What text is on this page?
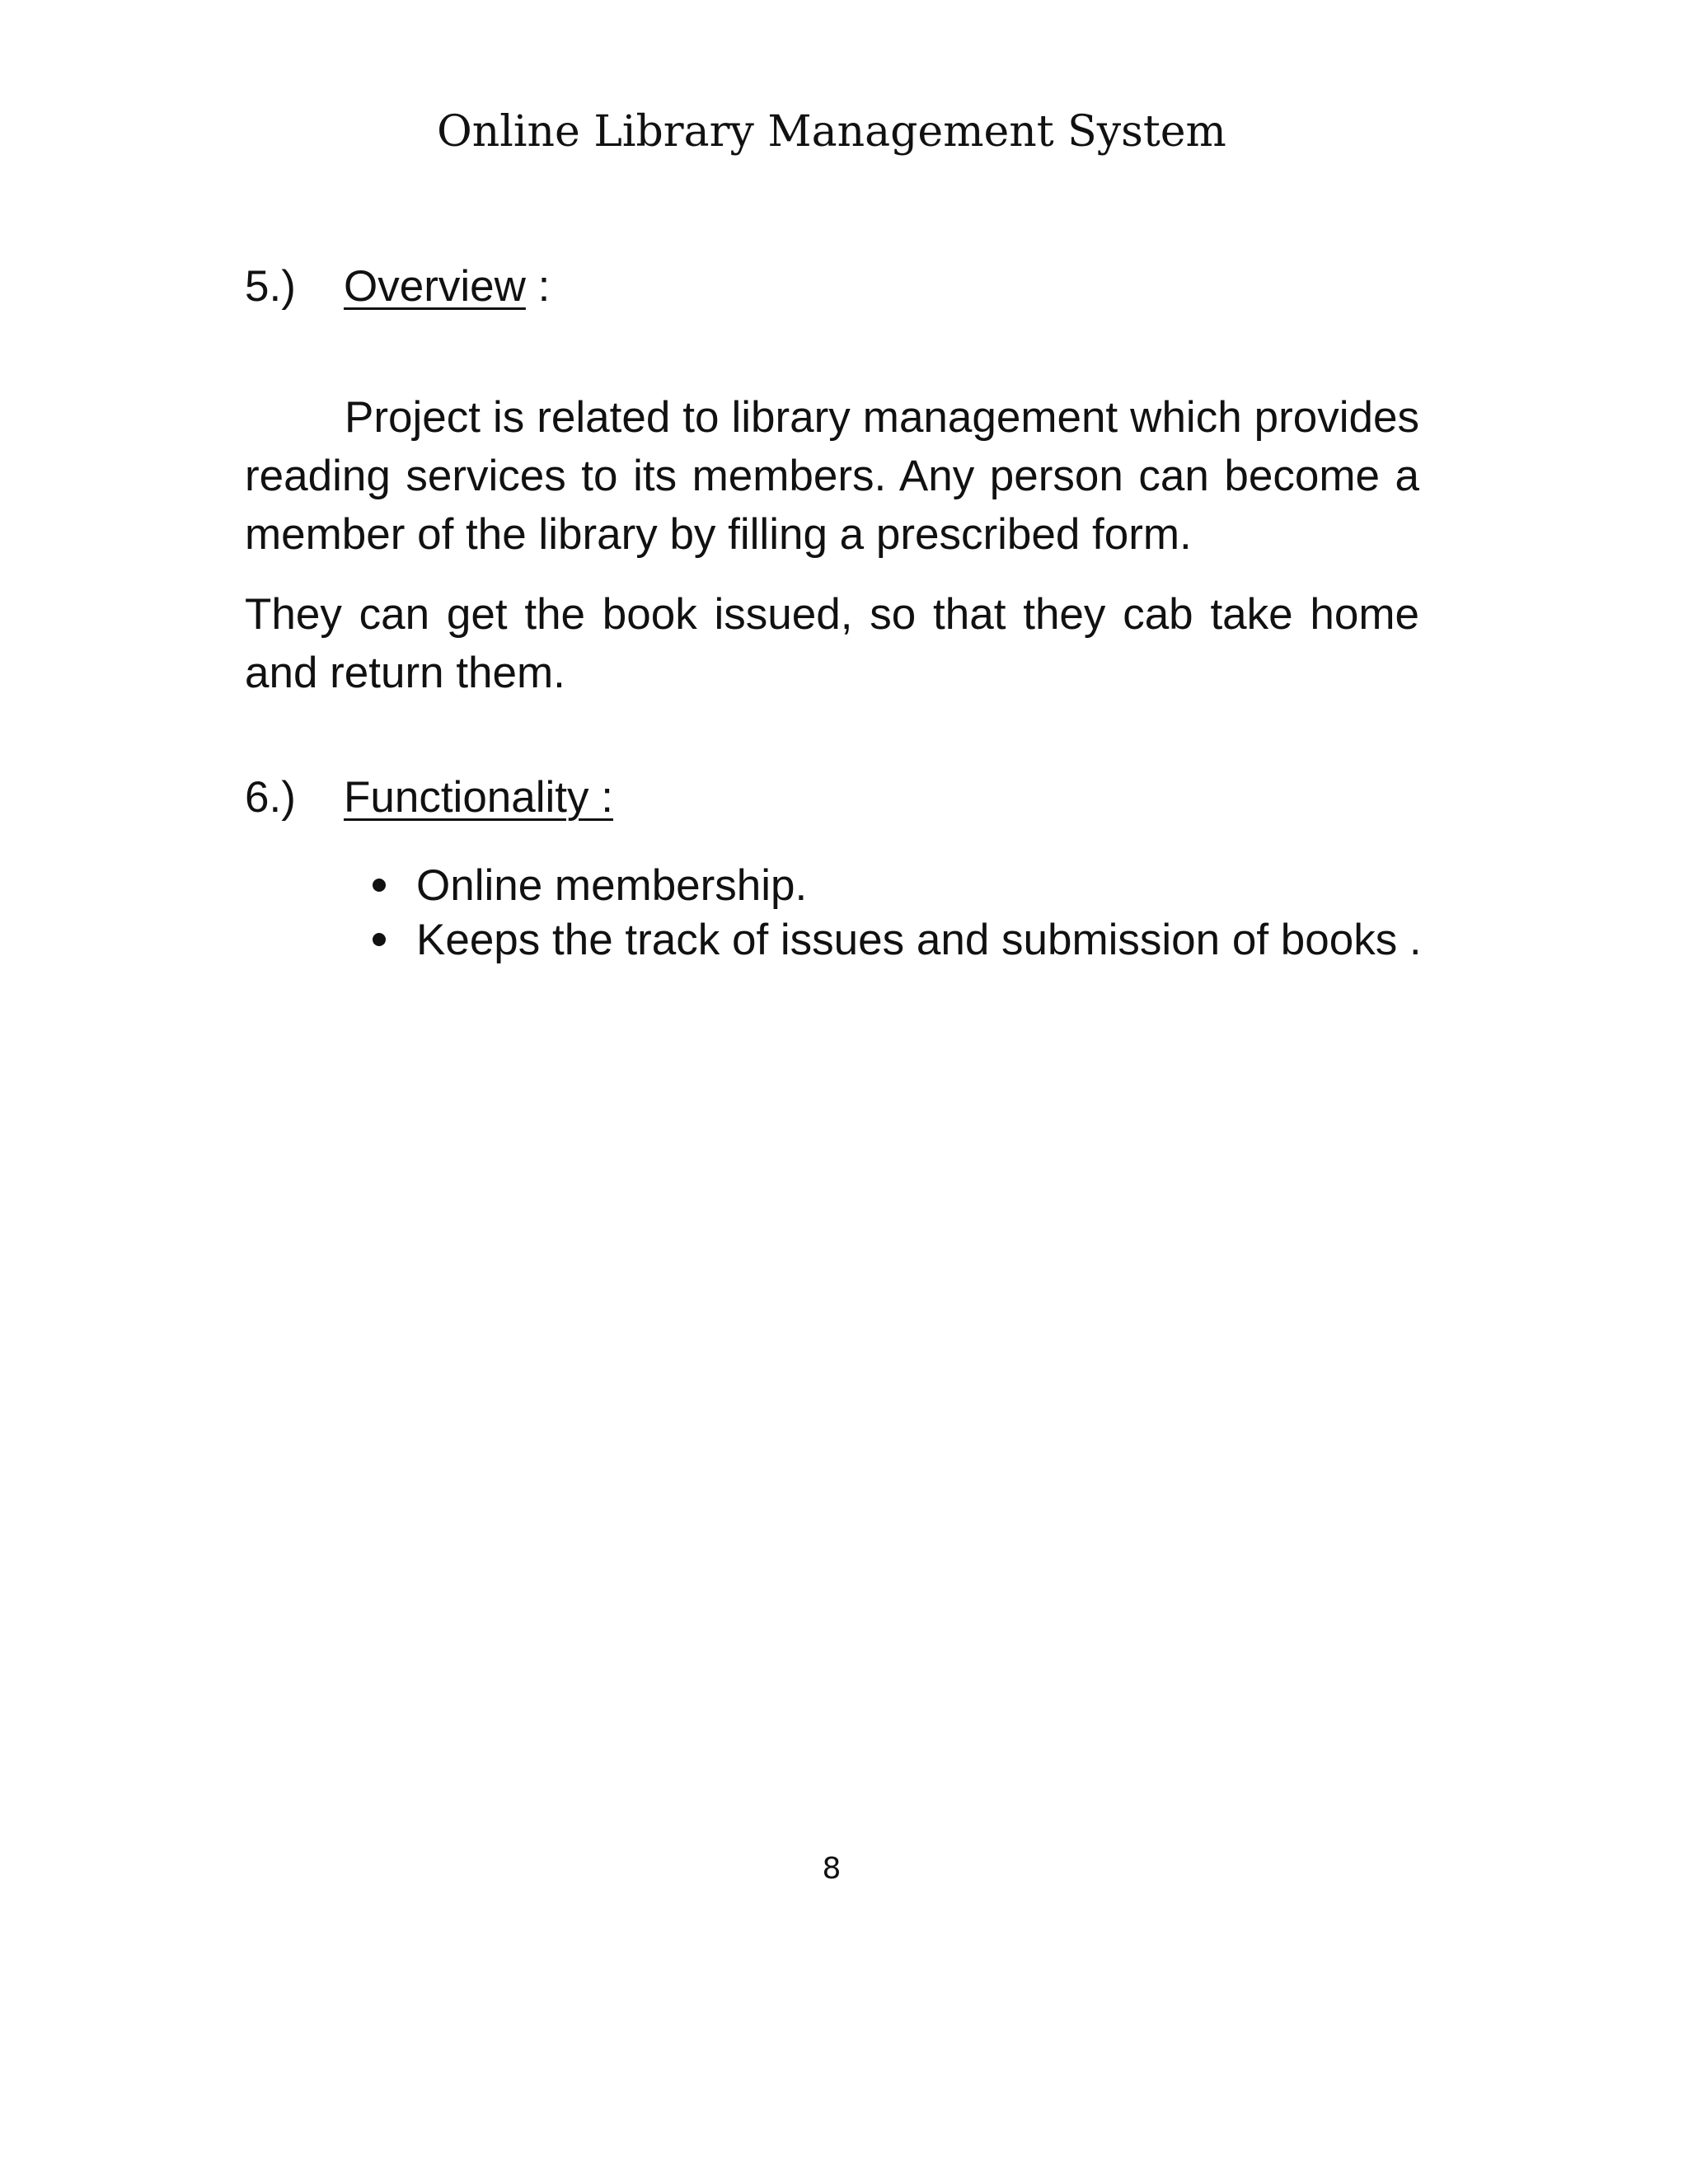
Online Library Management System
5.) Overview :

Project is related to library management which provides reading services to its members. Any person can become a member of the library by filling a prescribed form.

They can get the book issued, so that they cab take home and return them.

6.) Functionality :
Online membership.
Keeps the track of issues and submission of books .
8
